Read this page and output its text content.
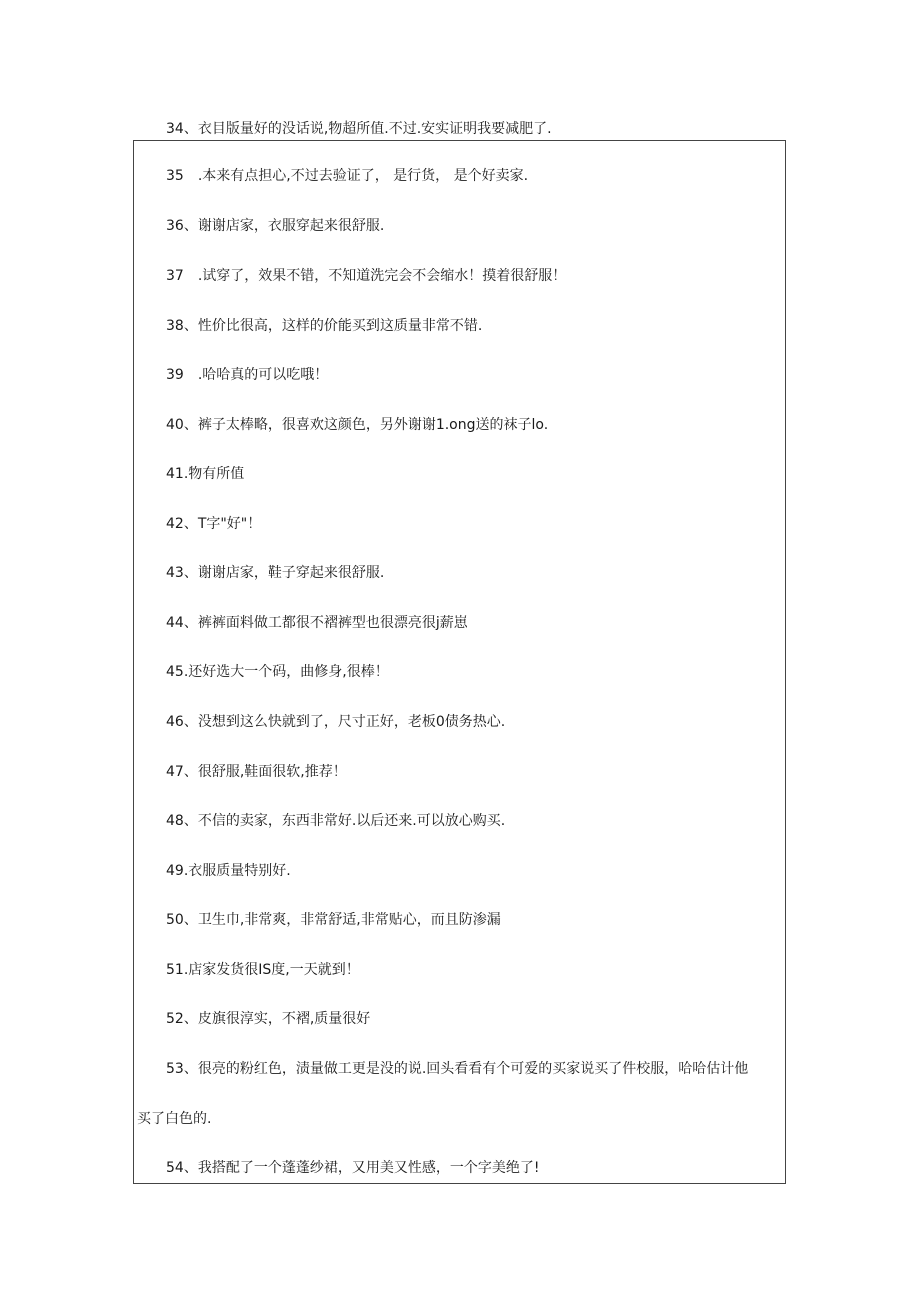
34、衣目版量好的没话说,物超所值.不过.安实证明我要减肥了.
35　.本来有点担心,不过去验证了， 是行货， 是个好卖家.
36、谢谢店家，衣服穿起来很舒服.
37　.试穿了，效果不错，不知道洗完会不会缩水！摸着很舒服！
38、性价比很高，这样的价能买到这质量非常不错.
39　.哈哈真的可以吃哦！
40、裤子太棒略，很喜欢这颜色，另外谢谢1.ong送的袜子lo.
41.物有所值
42、T字"好"！
43、谢谢店家，鞋子穿起来很舒服.
44、裤裤面料做工都很不褶裤型也很漂亮很j薪崽
45.还好选大一个码，曲修身,很棒！
46、没想到这么快就到了，尺寸正好，老板0债务热心.
47、很舒服,鞋面很软,推荐！
48、不信的卖家，东西非常好.以后还来.可以放心购买.
49.衣服质量特别好.
50、卫生巾,非常爽，非常舒适,非常贴心，而且防渗漏
51.店家发货很IS度,一天就到！
52、皮旗很淳实，不褶,质量很好
53、很亮的粉红色，渍量做工更是没的说.回头看看有个可爱的买家说买了件校服，哈哈估计他
买了白色的.
54、我搭配了一个蓬蓬纱裙，又用美又性感，一个字美绝了!
